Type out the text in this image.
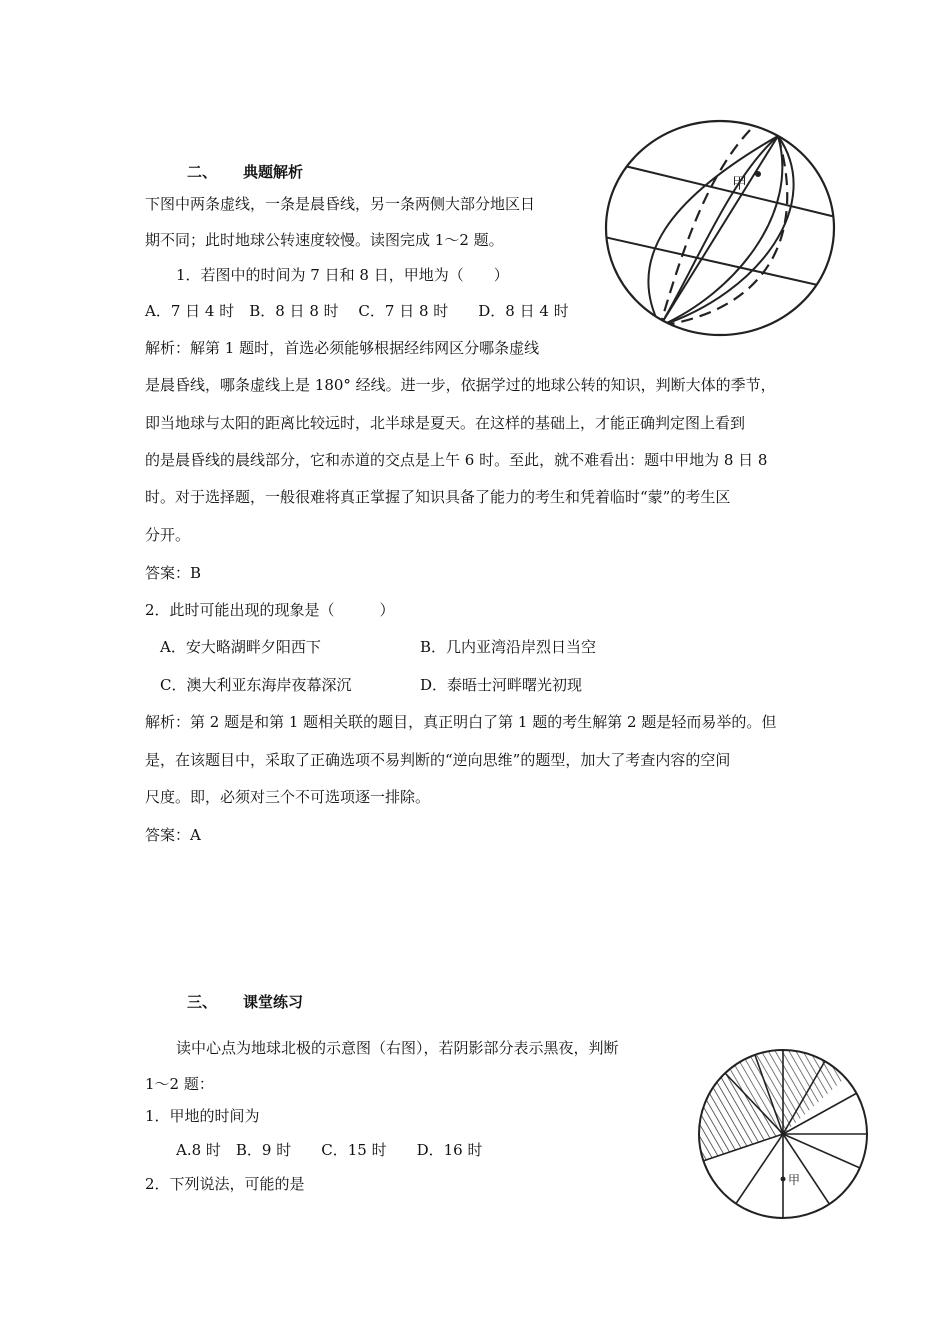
二、 典题解析
下图中两条虚线，一条是晨昏线，另一条两侧大部分地区日
期不同；此时地球公转速度较慢。读图完成 1～2 题。
1．若图中的时间为 7 日和 8 日，甲地为（　　）
A．7 日 4 时　B．8 日 8 时　 C．7 日 8 时　　D．8 日 4 时
解析：解第 1 题时，首选必须能够根据经纬网区分哪条虚线
是晨昏线，哪条虚线上是 180° 经线。进一步，依据学过的地球公转的知识，判断大体的季节，
即当地球与太阳的距离比较远时，北半球是夏天。在这样的基础上，才能正确判定图上看到
的是晨昏线的晨线部分，它和赤道的交点是上午 6 时。至此，就不难看出：题中甲地为 8 日 8
时。对于选择题，一般很难将真正掌握了知识具备了能力的考生和凭着临时“蒙”的考生区
分开。
答案：B
2．此时可能出现的现象是（　　　）
A．安大略湖畔夕阳西下	B．几内亚湾沿岸烈日当空
C．澳大利亚东海岸夜幕深沉	D．泰晤士河畔曙光初现
解析：第 2 题是和第 1 题相关联的题目，真正明白了第 1 题的考生解第 2 题是轻而易举的。但
是，在该题目中，采取了正确选项不易判断的“逆向思维”的题型，加大了考查内容的空间
尺度。即，必须对三个不可选项逐一排除。
答案：A
甲
三、 课堂练习
读中心点为地球北极的示意图（右图），若阴影部分表示黑夜，判断
1～2 题：
1．甲地的时间为
A.8 时　B．9 时　　C．15 时　　D．16 时
2．下列说法，可能的是	甲
